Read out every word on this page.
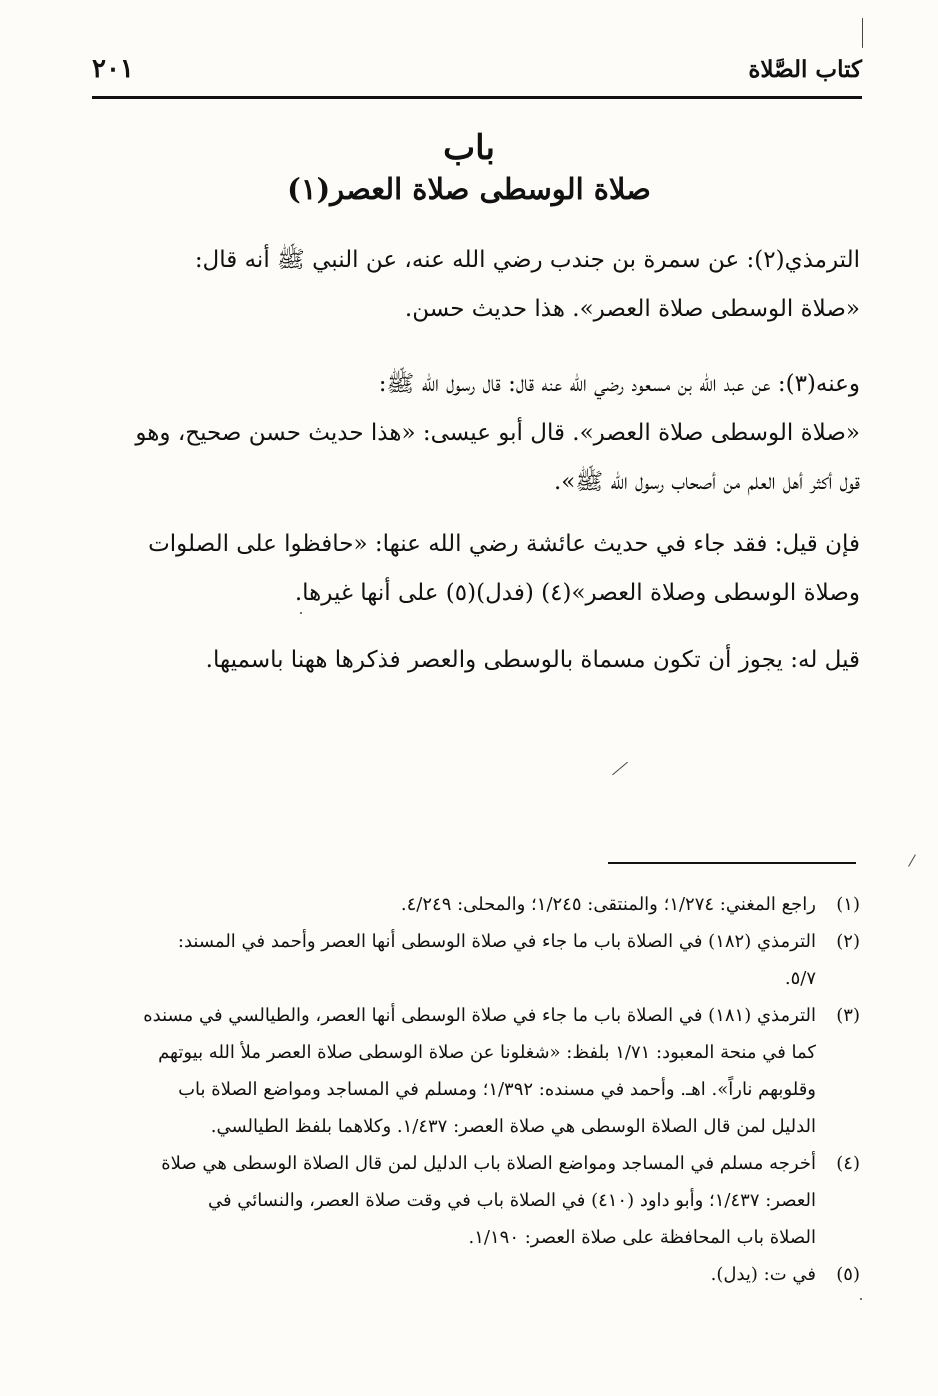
كتاب الصَّلاة
٢٠١
باب
صلاة الوسطى صلاة العصر(١)
الترمذي(٢): عن سمرة بن جندب رضي الله عنه، عن النبي ﷺ أنه قال:
«صلاة الوسطى صلاة العصر». هذا حديث حسن.
وعنه(٣): عن عبد الله بن مسعود رضي الله عنه قال: قال رسول الله ﷺ:
«صلاة الوسطى صلاة العصر». قال أبو عيسى: «هذا حديث حسن صحيح، وهو
قول أكثر أهل العلم من أصحاب رسول الله ﷺ».
فإن قيل: فقد جاء في حديث عائشة رضي الله عنها: «حافظوا على الصلوات
وصلاة الوسطى وصلاة العصر»(٤) (فدل)(٥) على أنها غيرها.
قيل له: يجوز أن تكون مسماة بالوسطى والعصر فذكرها ههنا باسميها.
(١)
راجع المغني: ١/٢٧٤؛ والمنتقى: ١/٢٤٥؛ والمحلى: ٤/٢٤٩.
(٢)
الترمذي (١٨٢) في الصلاة باب ما جاء في صلاة الوسطى أنها العصر وأحمد في المسند:
٥/٧.
(٣)
الترمذي (١٨١) في الصلاة باب ما جاء في صلاة الوسطى أنها العصر، والطيالسي في مسنده
كما في منحة المعبود: ١/٧١ بلفظ: «شغلونا عن صلاة الوسطى صلاة العصر ملأ الله بيوتهم
وقلوبهم ناراً». اهـ. وأحمد في مسنده: ١/٣٩٢؛ ومسلم في المساجد ومواضع الصلاة باب
الدليل لمن قال الصلاة الوسطى هي صلاة العصر: ١/٤٣٧. وكلاهما بلفظ الطيالسي.
(٤)
أخرجه مسلم في المساجد ومواضع الصلاة باب الدليل لمن قال الصلاة الوسطى هي صلاة
العصر: ١/٤٣٧؛ وأبو داود (٤١٠) في الصلاة باب في وقت صلاة العصر، والنسائي في
الصلاة باب المحافظة على صلاة العصر: ١/١٩٠.
(٥)
في ت: (يدل).
